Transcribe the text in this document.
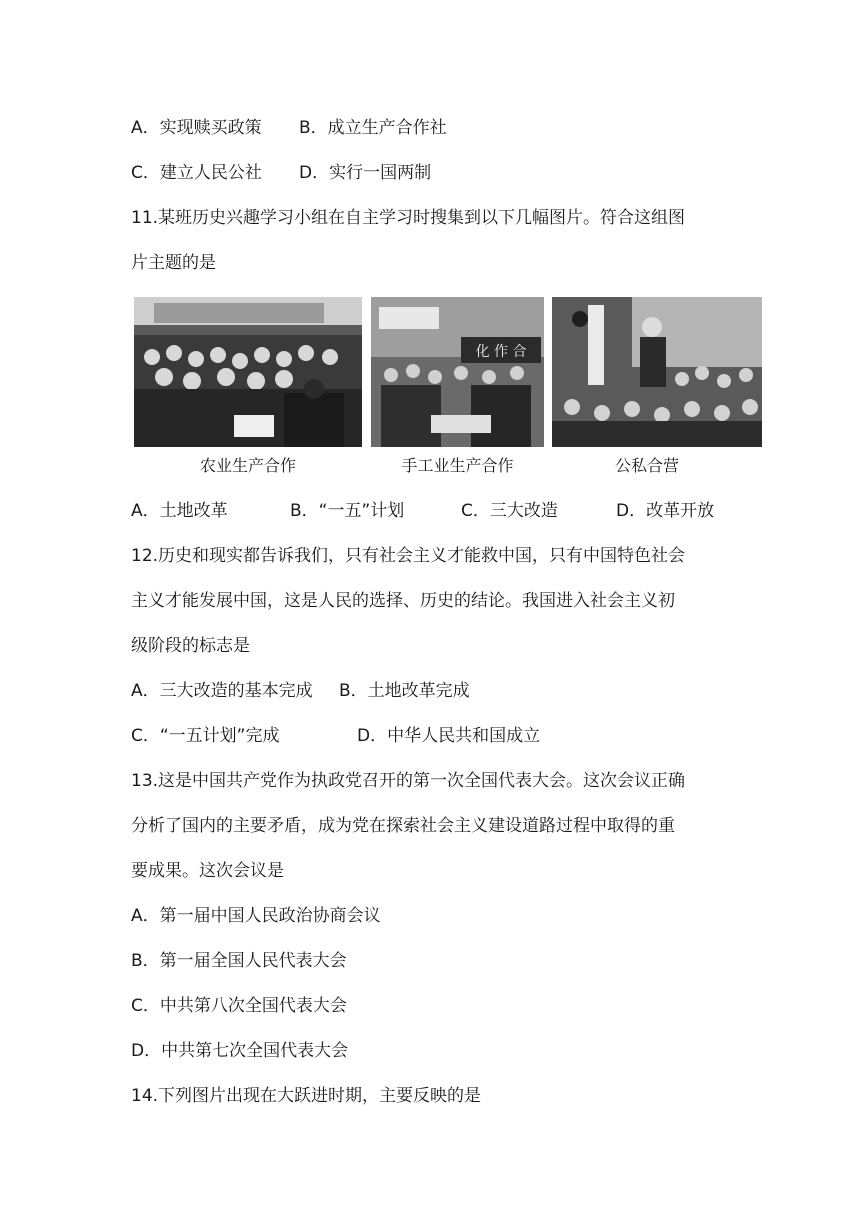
A．实现赎买政策 B．成立生产合作社
C．建立人民公社 D．实行一国两制
11.某班历史兴趣学习小组在自主学习时搜集到以下几幅图片。符合这组图
片主题的是
化 作 合
农业生产合作	手工业生产合作	公私合营
A．土地改革	B．“一五”计划	C．三大改造	D．改革开放
12.历史和现实都告诉我们，只有社会主义才能救中国，只有中国特色社会
主义才能发展中国，这是人民的选择、历史的结论。我国进入社会主义初
级阶段的标志是
A．三大改造的基本完成 B．土地改革完成
C．“一五计划”完成	D．中华人民共和国成立
13.这是中国共产党作为执政党召开的第一次全国代表大会。这次会议正确
分析了国内的主要矛盾，成为党在探索社会主义建设道路过程中取得的重
要成果。这次会议是
A．第一届中国人民政治协商会议
B．第一届全国人民代表大会
C．中共第八次全国代表大会
D．中共第七次全国代表大会
14.下列图片出现在大跃进时期，主要反映的是
